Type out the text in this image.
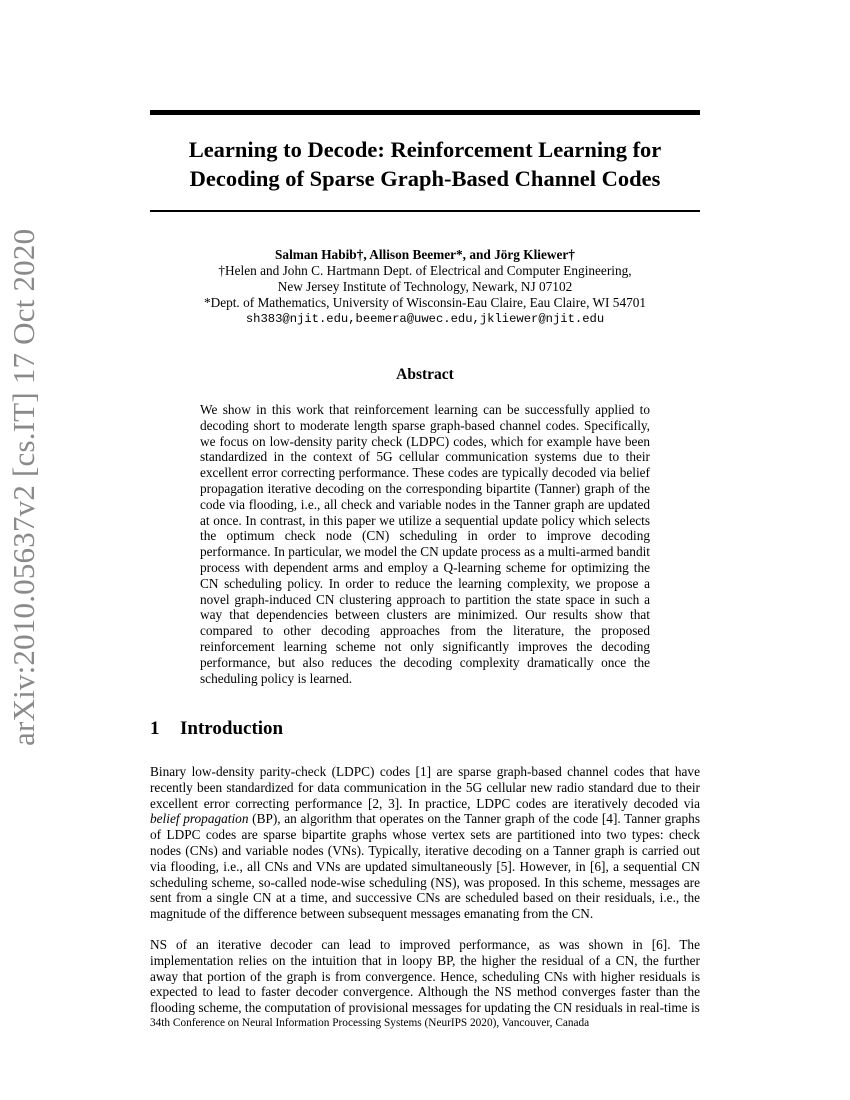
arXiv:2010.05637v2 [cs.IT] 17 Oct 2020
Learning to Decode: Reinforcement Learning for
Decoding of Sparse Graph-Based Channel Codes
Salman Habib†, Allison Beemer*, and Jörg Kliewer†
†Helen and John C. Hartmann Dept. of Electrical and Computer Engineering,
New Jersey Institute of Technology, Newark, NJ 07102
*Dept. of Mathematics, University of Wisconsin-Eau Claire, Eau Claire, WI 54701
sh383@njit.edu,beemera@uwec.edu,jkliewer@njit.edu
Abstract

We show in this work that reinforcement learning can be successfully applied to decoding short to moderate length sparse graph-based channel codes. Specifically, we focus on low-density parity check (LDPC) codes, which for example have been standardized in the context of 5G cellular communication systems due to their excellent error correcting performance. These codes are typically decoded via belief propagation iterative decoding on the corresponding bipartite (Tanner) graph of the code via flooding, i.e., all check and variable nodes in the Tanner graph are updated at once. In contrast, in this paper we utilize a sequential update policy which selects the optimum check node (CN) scheduling in order to improve decoding performance. In particular, we model the CN update process as a multi-armed bandit process with dependent arms and employ a Q-learning scheme for optimizing the CN scheduling policy. In order to reduce the learning complexity, we propose a novel graph-induced CN clustering approach to partition the state space in such a way that dependencies between clusters are minimized. Our results show that compared to other decoding approaches from the literature, the proposed reinforcement learning scheme not only significantly improves the decoding performance, but also reduces the decoding complexity dramatically once the scheduling policy is learned.

1 Introduction

Binary low-density parity-check (LDPC) codes [1] are sparse graph-based channel codes that have recently been standardized for data communication in the 5G cellular new radio standard due to their excellent error correcting performance [2, 3]. In practice, LDPC codes are iteratively decoded via belief propagation (BP), an algorithm that operates on the Tanner graph of the code [4]. Tanner graphs of LDPC codes are sparse bipartite graphs whose vertex sets are partitioned into two types: check nodes (CNs) and variable nodes (VNs). Typically, iterative decoding on a Tanner graph is carried out via flooding, i.e., all CNs and VNs are updated simultaneously [5]. However, in [6], a sequential CN scheduling scheme, so-called node-wise scheduling (NS), was proposed. In this scheme, messages are sent from a single CN at a time, and successive CNs are scheduled based on their residuals, i.e., the magnitude of the difference between subsequent messages emanating from the CN.

NS of an iterative decoder can lead to improved performance, as was shown in [6]. The implementation relies on the intuition that in loopy BP, the higher the residual of a CN, the further away that portion of the graph is from convergence. Hence, scheduling CNs with higher residuals is expected to lead to faster decoder convergence. Although the NS method converges faster than the flooding scheme, the computation of provisional messages for updating the CN residuals in real-time is

34th Conference on Neural Information Processing Systems (NeurIPS 2020), Vancouver, Canada
